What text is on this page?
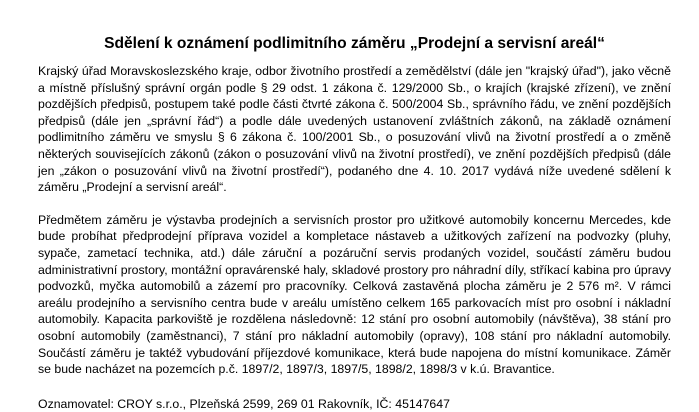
Sdělení k oznámení podlimitního záměru „Prodejní a servisní areál“

Krajský úřad Moravskoslezského kraje, odbor životního prostředí a zemědělství (dále jen "krajský úřad"), jako věcně a místně příslušný správní orgán podle § 29 odst. 1 zákona č. 129/2000 Sb., o krajích (krajské zřízení), ve znění pozdějších předpisů, postupem také podle části čtvrté zákona č. 500/2004 Sb., správního řádu, ve znění pozdějších předpisů (dále jen „správní řád“) a podle dále uvedených ustanovení zvláštních zákonů, na základě oznámení podlimitního záměru ve smyslu § 6 zákona č. 100/2001 Sb., o posuzování vlivů na životní prostředí a o změně některých souvisejících zákonů (zákon o posuzování vlivů na životní prostředí), ve znění pozdějších předpisů (dále jen „zákon o posuzování vlivů na životní prostředí“), podaného dne 4. 10. 2017 vydává níže uvedené sdělení k záměru „Prodejní a servisní areál“.

Předmětem záměru je výstavba prodejních a servisních prostor pro užitkové automobily koncernu Mercedes, kde bude probíhat předprodejní příprava vozidel a kompletace nástaveb a užitkových zařízení na podvozky (pluhy, sypače, zametací technika, atd.) dále záruční a pozáruční servis prodaných vozidel, součástí záměru budou administrativní prostory, montážní opravárenské haly, skladové prostory pro náhradní díly, stříkací kabina pro úpravy podvozků, myčka automobilů a zázemí pro pracovníky. Celková zastavěná plocha záměru je 2 576 m². V rámci areálu prodejního a servisního centra bude v areálu umístěno celkem 165 parkovacích míst pro osobní i nákladní automobily. Kapacita parkoviště je rozdělena následovně: 12 stání pro osobní automobily (návštěva), 38 stání pro osobní automobily (zaměstnanci), 7 stání pro nákladní automobily (opravy), 108 stání pro nákladní automobily. Součástí záměru je taktéž vybudování příjezdové komunikace, která bude napojena do místní komunikace. Záměr se bude nacházet na pozemcích p.č. 1897/2, 1897/3, 1897/5, 1898/2, 1898/3 v k.ú. Bravantice.

Oznamovatel: CROY s.r.o., Plzeňská 2599, 269 01 Rakovník, IČ: 45147647
